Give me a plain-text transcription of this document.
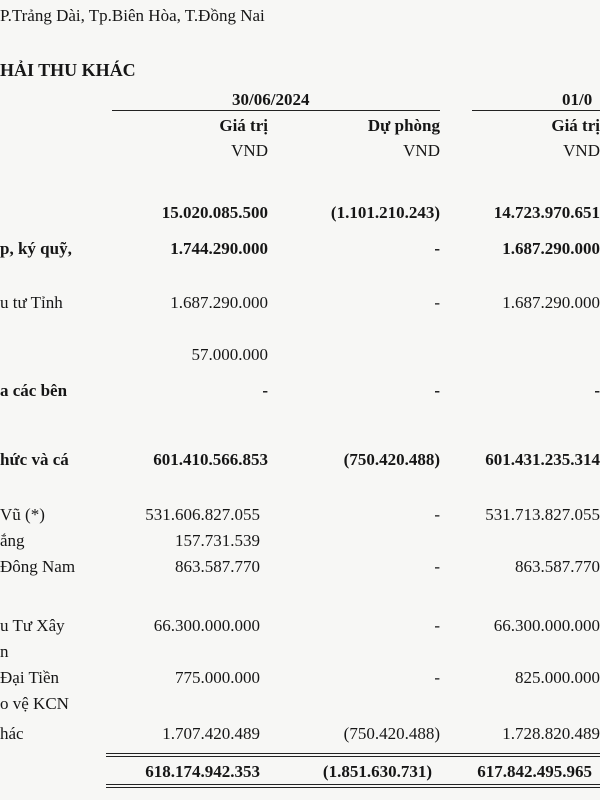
P.Trảng Dài, Tp.Biên Hòa, T.Đồng Nai
HẢI THU KHÁC
30/06/2024	01/0
Giá trị	Dự phòng	Giá trị
VND	VND	VND
15.020.085.500	(1.101.210.243)	14.723.970.651
p, ký quỹ,	1.744.290.000	-	1.687.290.000
u tư Tỉnh	1.687.290.000	-	1.687.290.000
57.000.000
a các bên	-	-	-
hức và cá	601.410.566.853	(750.420.488)	601.431.235.314
Vũ (*)	531.606.827.055	-	531.713.827.055
ắng	157.731.539
Đông Nam	863.587.770	-	863.587.770
u Tư Xây	66.300.000.000	-	66.300.000.000
n
Đại Tiền	775.000.000	-	825.000.000
o vệ KCN
hác	1.707.420.489	(750.420.488)	1.728.820.489
618.174.942.353	(1.851.630.731)	617.842.495.965
